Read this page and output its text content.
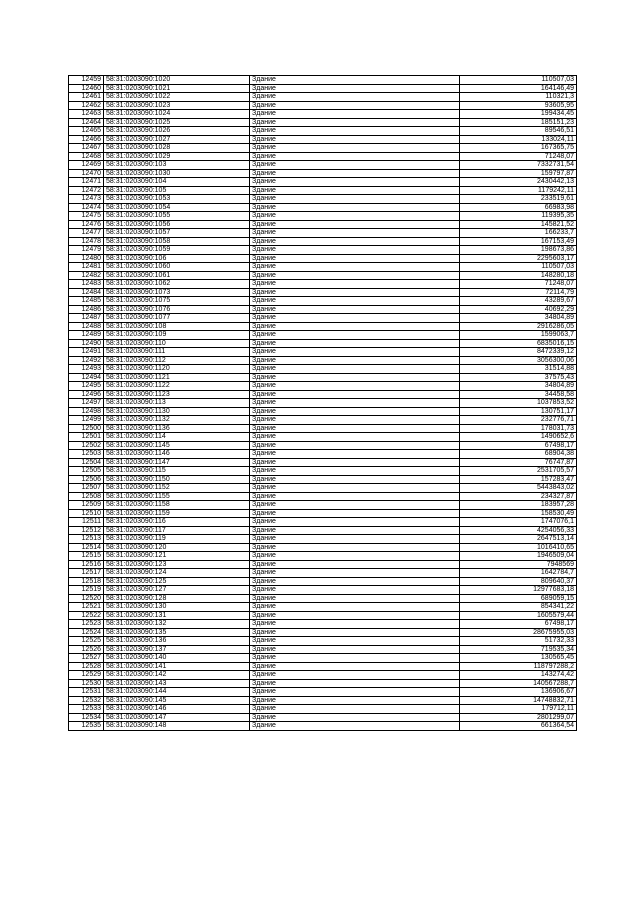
12459	58:31:0203090:1020	Здание	110507,03
12460	58:31:0203090:1021	Здание	164146,49
12461	58:31:0203090:1022	Здание	110321,3
12462	58:31:0203090:1023	Здание	93605,95
12463	58:31:0203090:1024	Здание	199434,45
12464	58:31:0203090:1025	Здание	185151,23
12465	58:31:0203090:1026	Здание	89546,51
12466	58:31:0203090:1027	Здание	133024,11
12467	58:31:0203090:1028	Здание	167365,75
12468	58:31:0203090:1029	Здание	71248,07
12469	58:31:0203090:103	Здание	7332731,54
12470	58:31:0203090:1030	Здание	159797,87
12471	58:31:0203090:104	Здание	2430442,13
12472	58:31:0203090:105	Здание	1179242,11
12473	58:31:0203090:1053	Здание	233519,61
12474	58:31:0203090:1054	Здание	66983,98
12475	58:31:0203090:1055	Здание	119395,35
12476	58:31:0203090:1056	Здание	145821,52
12477	58:31:0203090:1057	Здание	166233,7
12478	58:31:0203090:1058	Здание	167153,49
12479	58:31:0203090:1059	Здание	198673,86
12480	58:31:0203090:106	Здание	2295603,17
12481	58:31:0203090:1060	Здание	110507,03
12482	58:31:0203090:1061	Здание	148280,18
12483	58:31:0203090:1062	Здание	71248,07
12484	58:31:0203090:1073	Здание	72114,79
12485	58:31:0203090:1075	Здание	43289,67
12486	58:31:0203090:1076	Здание	40692,29
12487	58:31:0203090:1077	Здание	34804,89
12488	58:31:0203090:108	Здание	2916286,05
12489	58:31:0203090:109	Здание	1599063,7
12490	58:31:0203090:110	Здание	6835016,15
12491	58:31:0203090:111	Здание	8472339,12
12492	58:31:0203090:112	Здание	3056300,06
12493	58:31:0203090:1120	Здание	31514,88
12494	58:31:0203090:1121	Здание	37575,43
12495	58:31:0203090:1122	Здание	34804,89
12496	58:31:0203090:1123	Здание	34458,58
12497	58:31:0203090:113	Здание	1037853,52
12498	58:31:0203090:1130	Здание	130751,17
12499	58:31:0203090:1132	Здание	232776,71
12500	58:31:0203090:1136	Здание	178031,73
12501	58:31:0203090:114	Здание	1490652,6
12502	58:31:0203090:1145	Здание	67498,17
12503	58:31:0203090:1146	Здание	68904,38
12504	58:31:0203090:1147	Здание	76747,87
12505	58:31:0203090:115	Здание	2531705,57
12506	58:31:0203090:1150	Здание	157283,47
12507	58:31:0203090:1152	Здание	5443843,02
12508	58:31:0203090:1155	Здание	234327,87
12509	58:31:0203090:1158	Здание	183957,28
12510	58:31:0203090:1159	Здание	158530,49
12511	58:31:0203090:116	Здание	1747076,1
12512	58:31:0203090:117	Здание	4254056,33
12513	58:31:0203090:119	Здание	2647513,14
12514	58:31:0203090:120	Здание	1016410,65
12515	58:31:0203090:121	Здание	1946509,04
12516	58:31:0203090:123	Здание	7948569
12517	58:31:0203090:124	Здание	1642784,7
12518	58:31:0203090:125	Здание	809640,37
12519	58:31:0203090:127	Здание	12977683,18
12520	58:31:0203090:128	Здание	689059,15
12521	58:31:0203090:130	Здание	854341,22
12522	58:31:0203090:131	Здание	1605579,44
12523	58:31:0203090:132	Здание	67498,17
12524	58:31:0203090:135	Здание	28675955,03
12525	58:31:0203090:136	Здание	51732,33
12526	58:31:0203090:137	Здание	719535,34
12527	58:31:0203090:140	Здание	130565,45
12528	58:31:0203090:141	Здание	118797288,2
12529	58:31:0203090:142	Здание	143274,42
12530	58:31:0203090:143	Здание	140567288,7
12531	58:31:0203090:144	Здание	136906,67
12532	58:31:0203090:145	Здание	14748832,71
12533	58:31:0203090:146	Здание	179712,11
12534	58:31:0203090:147	Здание	2801299,07
12535	58:31:0203090:148	Здание	661364,54
